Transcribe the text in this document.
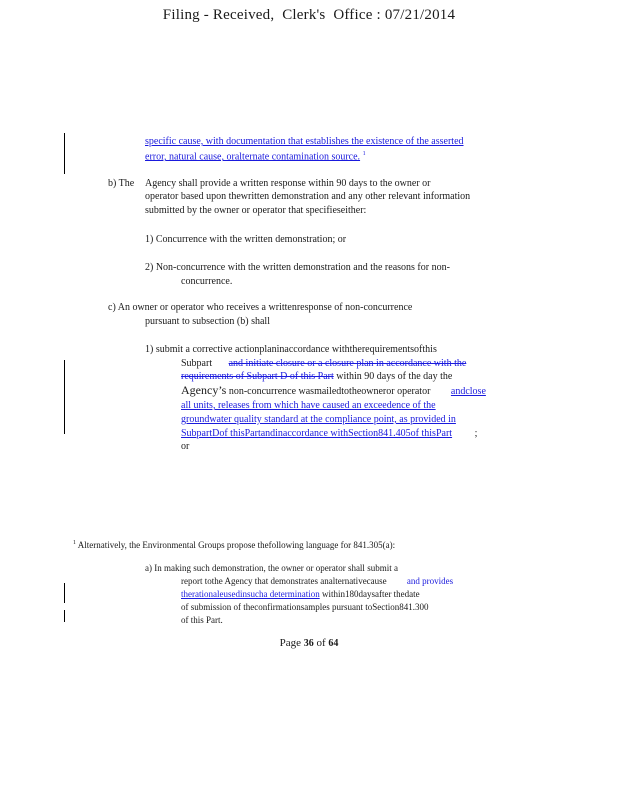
Filing - Received,  Clerk's  Office : 07/21/2014
specific cause, with documentation that establishes the existence of the asserted
error, natural cause, oralternate contamination source. $^1$
b) The Agency shall provide a written response within 90 days to the owner or
operator based upon thewritten demonstration and any other relevant information
submitted by the owner or operator that specifieseither:
1) Concurrence with the written demonstration; or
2) Non-concurrence with the written demonstration and the reasons for non-
concurrence.
c) An owner or operator who receives a writtenresponse of non-concurrence
pursuant to subsection (b) shall
1) submit a corrective actionplaninaccordance withtherequirementsofthis
Subpart and initiate closure or a closure plan in accordance with the
requirements of Subpart D of this Part within 90 days of the day the
Agency’s non-concurrence wasmailedtotheowneror operator andclose
all units, releases from which have caused an exceedence of the
groundwater quality standard at the compliance point, as provided in
SubpartDof thisPartandinaccordance withSection841.405of thisPart ;
or
$^1$ Alternatively, the Environmental Groups propose thefollowing language for 841.305(a):
a) In making such demonstration, the owner or operator shall submit a
report tothe Agency that demonstrates analternativecause and provides
therationaleusedinsucha determination within180daysafter thedate
of submission of theconfirmationsamples pursuant toSection841.300
of this Part.
Page 36 of 64
